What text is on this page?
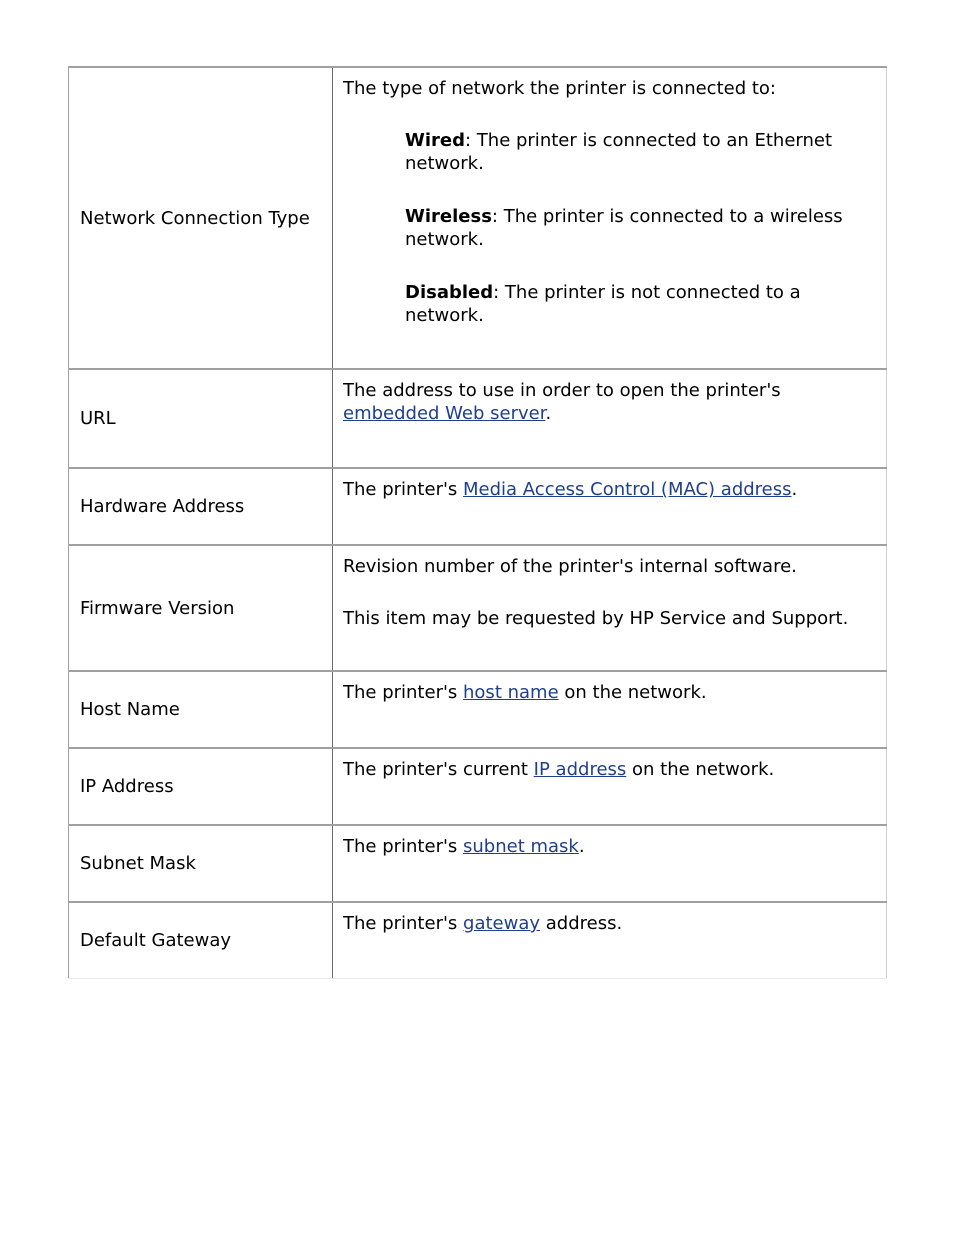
Network Connection Type	The type of network the printer is connected to:

Wired: The printer is connected to an Ethernet network.

Wireless: The printer is connected to a wireless network.

Disabled: The printer is not connected to a network.

URL	The address to use in order to open the printer's embedded Web server.

Hardware Address	The printer's Media Access Control (MAC) address.

Firmware Version	Revision number of the printer's internal software.

This item may be requested by HP Service and Support.

Host Name	The printer's host name on the network.

IP Address	The printer's current IP address on the network.

Subnet Mask	The printer's subnet mask.

Default Gateway	The printer's gateway address.
